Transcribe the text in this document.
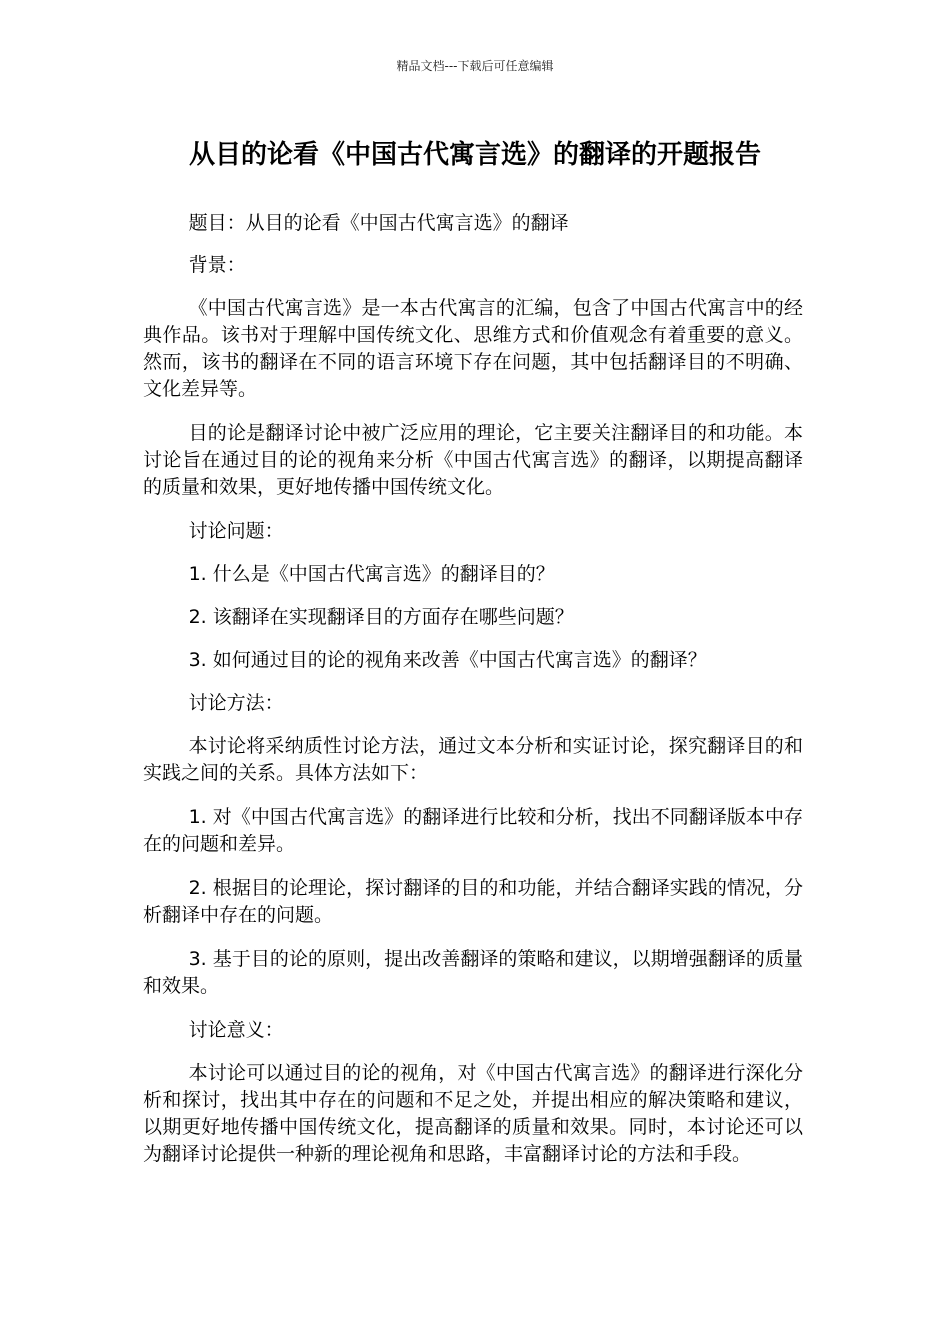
精品文档---下载后可任意编辑
从目的论看《中国古代寓言选》的翻译的开题报告

题目：从目的论看《中国古代寓言选》的翻译

背景：

《中国古代寓言选》是一本古代寓言的汇编，包含了中国古代寓言中的经典作品。该书对于理解中国传统文化、思维方式和价值观念有着重要的意义。然而，该书的翻译在不同的语言环境下存在问题，其中包括翻译目的不明确、文化差异等。

目的论是翻译讨论中被广泛应用的理论，它主要关注翻译目的和功能。本讨论旨在通过目的论的视角来分析《中国古代寓言选》的翻译，以期提高翻译的质量和效果，更好地传播中国传统文化。

讨论问题：

1. 什么是《中国古代寓言选》的翻译目的？

2. 该翻译在实现翻译目的方面存在哪些问题？

3. 如何通过目的论的视角来改善《中国古代寓言选》的翻译？

讨论方法：

本讨论将采纳质性讨论方法，通过文本分析和实证讨论，探究翻译目的和实践之间的关系。具体方法如下：

1. 对《中国古代寓言选》的翻译进行比较和分析，找出不同翻译版本中存在的问题和差异。

2. 根据目的论理论，探讨翻译的目的和功能，并结合翻译实践的情况，分析翻译中存在的问题。

3. 基于目的论的原则，提出改善翻译的策略和建议，以期增强翻译的质量和效果。

讨论意义：

本讨论可以通过目的论的视角，对《中国古代寓言选》的翻译进行深化分析和探讨，找出其中存在的问题和不足之处，并提出相应的解决策略和建议，以期更好地传播中国传统文化，提高翻译的质量和效果。同时，本讨论还可以为翻译讨论提供一种新的理论视角和思路，丰富翻译讨论的方法和手段。
